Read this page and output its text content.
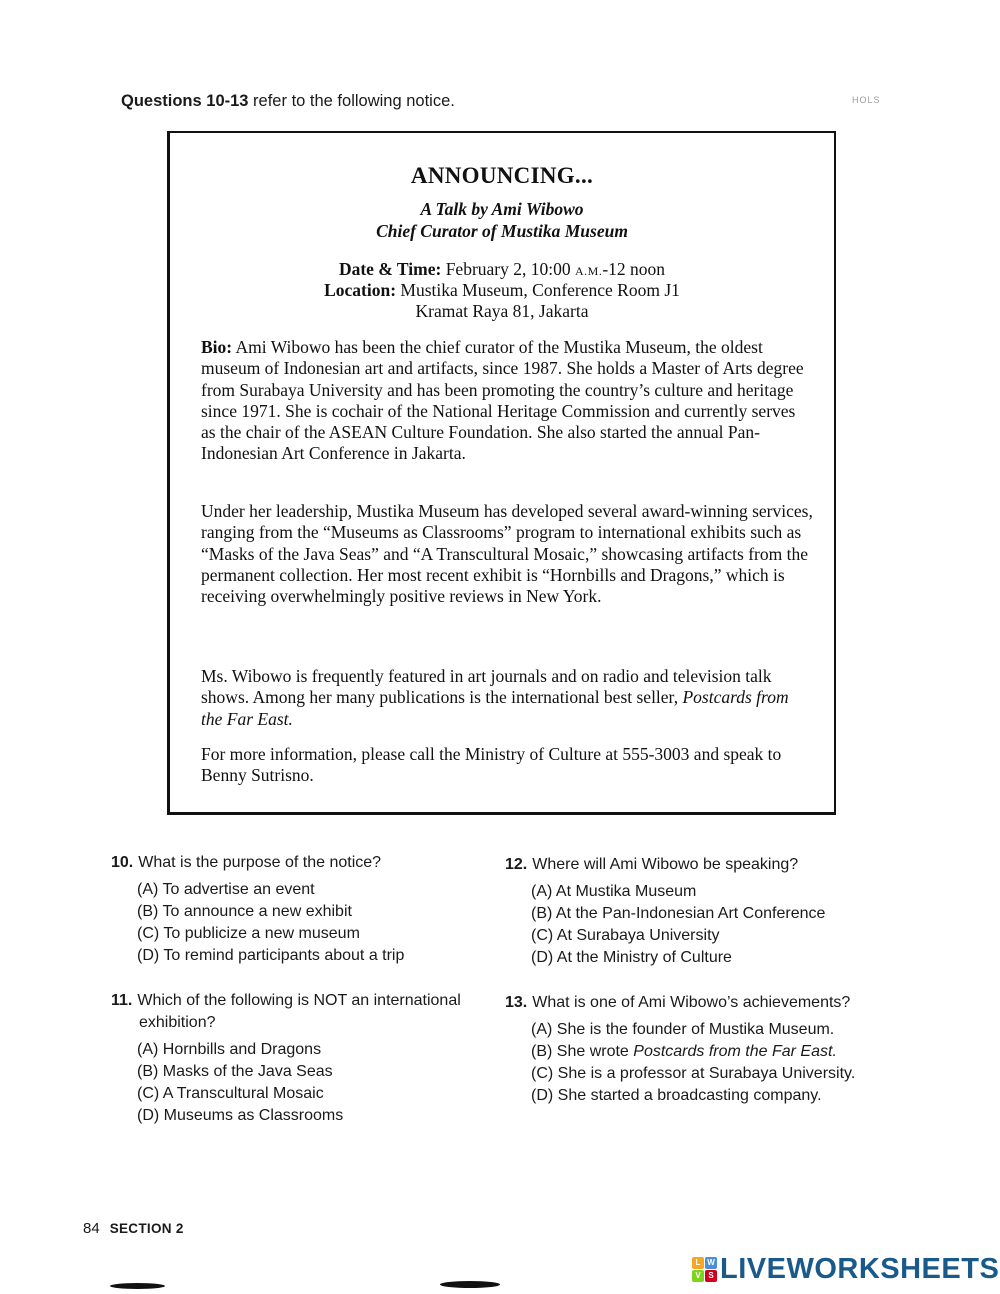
Questions 10-13 refer to the following notice.	HOLS
ANNOUNCING...
A Talk by Ami Wibowo
Chief Curator of Mustika Museum
Date & Time: February 2, 10:00 A.M.-12 noon
Location: Mustika Museum, Conference Room J1
Kramat Raya 81, Jakarta
Bio: Ami Wibowo has been the chief curator of the Mustika Museum, the oldest museum of Indonesian art and artifacts, since 1987. She holds a Master of Arts degree from Surabaya University and has been promoting the country’s culture and heritage since 1971. She is cochair of the National Heritage Commission and currently serves as the chair of the ASEAN Culture Foundation. She also started the annual Pan-Indonesian Art Conference in Jakarta.
Under her leadership, Mustika Museum has developed several award-winning services, ranging from the “Museums as Classrooms” program to international exhibits such as “Masks of the Java Seas” and “A Transcultural Mosaic,” showcasing artifacts from the permanent collection. Her most recent exhibit is “Hornbills and Dragons,” which is receiving overwhelmingly positive reviews in New York.
Ms. Wibowo is frequently featured in art journals and on radio and television talk shows. Among her many publications is the international best seller, Postcards from the Far East.
For more information, please call the Ministry of Culture at 555-3003 and speak to Benny Sutrisno.
10. What is the purpose of the notice?
(A) To advertise an event
(B) To announce a new exhibit
(C) To publicize a new museum
(D) To remind participants about a trip
11. Which of the following is NOT an international
exhibition?
(A) Hornbills and Dragons
(B) Masks of the Java Seas
(C) A Transcultural Mosaic
(D) Museums as Classrooms
12. Where will Ami Wibowo be speaking?
(A) At Mustika Museum
(B) At the Pan-Indonesian Art Conference
(C) At Surabaya University
(D) At the Ministry of Culture
13. What is one of Ami Wibowo’s achievements?
(A) She is the founder of Mustika Museum.
(B) She wrote Postcards from the Far East.
(C) She is a professor at Surabaya University.
(D) She started a broadcasting company.
84 SECTION 2
L W
V S LIVEWORKSHEETS
